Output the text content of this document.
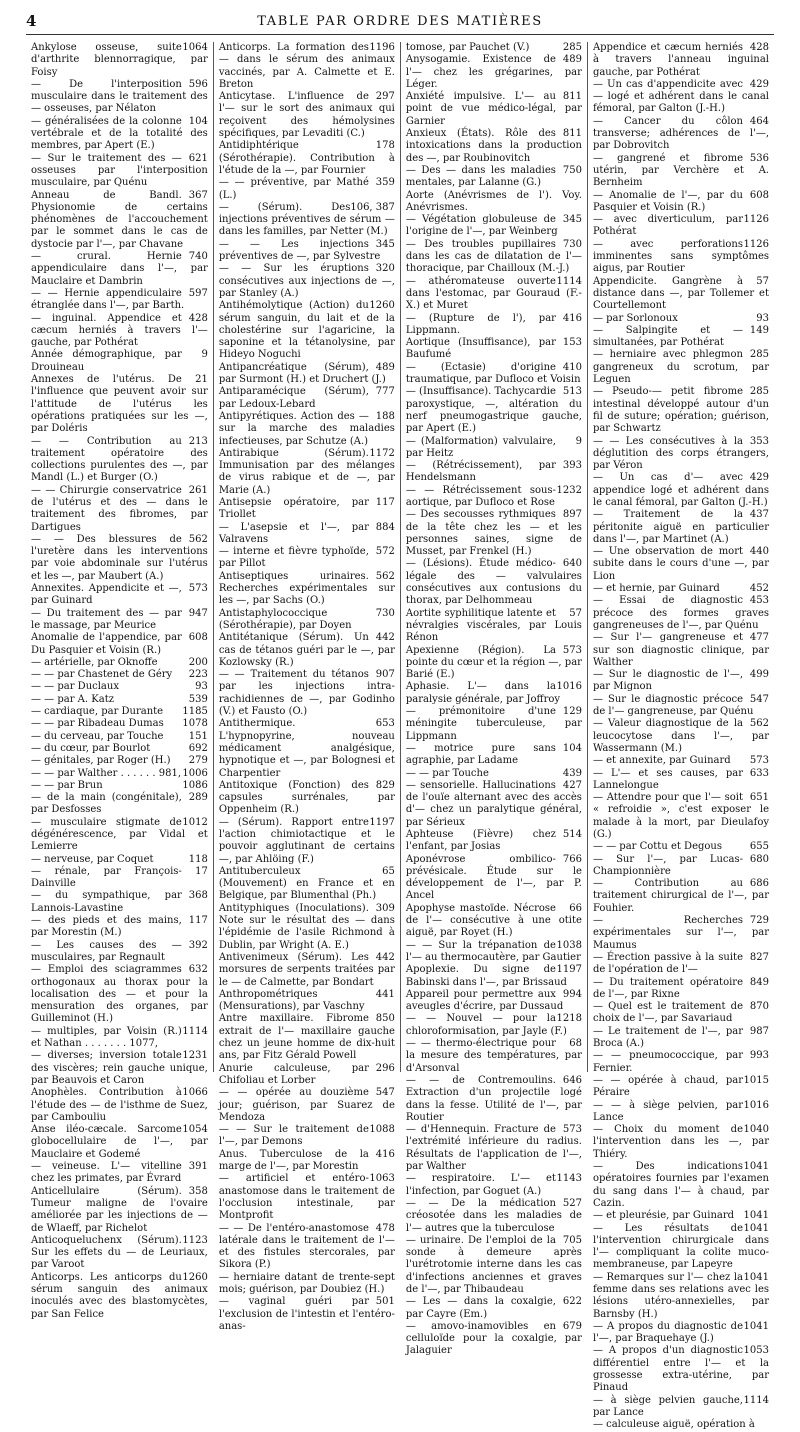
4	TABLE PAR ORDRE DES MATIÈRES
1064
Ankylose osseuse, suite d'arthrite blennorragique, par Foisy
596
— De l'interposition musculaire dans le traitement des — osseuses, par Nélaton
104
— généralisées de la colonne vertébrale et de la totalité des membres, par Apert (E.)
621
— Sur le traitement des — osseuses par l'interposition musculaire, par Quénu
367
Anneau de Bandl. Physionomie de certains phénomènes de l'accouchement par le sommet dans le cas de dystocie par l'—, par Chavane
740
— crural. Hernie appendiculaire dans l'—, par Mauclaire et Dambrin
597
— — Hernie appendiculaire étranglée dans l'—, par Barth.
428
— inguinal. Appendice et cæcum herniés à travers l'— gauche, par Pothérat
9
Année démographique, par Drouineau
21
Annexes de l'utérus. De l'influence que peuvent avoir sur l'attitude de l'utérus les opérations pratiquées sur les —, par Doléris
213
— — Contribution au traitement opératoire des collections purulentes des —, par Mandl (L.) et Burger (O.)
261
— — Chirurgie conservatrice de l'utérus et des — dans le traitement des fibromes, par Dartigues
562
— — Des blessures de l'uretère dans les interventions par voie abdominale sur l'utérus et les —, par Maubert (A.)
573
Annexites. Appendicite et —, par Guinard
947
— Du traitement des — par le massage, par Meurice
608
Anomalie de l'appendice, par Du Pasquier et Voisin (R.)
200
— artérielle, par Oknoffe
223
— — par Chastenet de Géry
93
— — par Duclaux
539
— — par A. Katz
1185
— cardiaque, par Durante
1078
— — par Ribadeau Dumas
151
— du cerveau, par Touche
692
— du cœur, par Bourlot
279
— génitales, par Roger (H.)
1006
— — par Walther . . . . . . 981,
1086
— — par Brun
289
— de la main (congénitale), par Desfosses
1012
— musculaire stigmate de dégénérescence, par Vidal et Lemierre
118
— nerveuse, par Coquet
17
— rénale, par François-Dainville
368
— du sympathique, par Lannois-Lavastine
117
— des pieds et des mains, par Morestin (M.)
392
— Les causes des — musculaires, par Regnault
632
— Emploi des sciagrammes orthogonaux au thorax pour la localisation des — et pour la mensuration des organes, par Guilleminot (H.)
1114
— multiples, par Voisin (R.) et Nathan . . . . . . . 1077,
1231
— diverses; inversion totale des viscères; rein gauche unique, par Beauvois et Caron
1066
Anophèles. Contribution à l'étude des — de l'isthme de Suez, par Cambouliu
1054
Anse iléo-cæcale. Sarcome globocellulaire de l'—, par Mauclaire et Godemé
391
— veineuse. L'— vitelline chez les primates, par Évrard
358
Anticellulaire (Sérum). Tumeur maligne de l'ovaire améliorée par les injections de — de Wlaeff, par Richelot
1123
Anticoqueluchenx (Sérum). Sur les effets du — de Leuriaux, par Varoot
1260
Anticorps. Les anticorps du sérum sanguin des animaux inoculés avec des blastomycètes, par San Felice
1196
Anticorps. La formation des — dans le sérum des animaux vaccinés, par A. Calmette et E. Breton
297
Anticytase. L'influence de l'— sur le sort des animaux qui reçoivent des hémolysines spécifiques, par Levaditi (C.)
178
Antidiphtérique (Sérothérapie). Contribution à l'étude de la —, par Fournier
359
— — préventive, par Mathé (L.)
106, 387
— (Sérum). Des injections préventives de sérum — dans les familles, par Netter (M.)
345
— — Les injections préventives de —, par Sylvestre
320
— — Sur les éruptions consécutives aux injections de —, par Stanley (A.)
1260
Antihémolytique (Action) du sérum sanguin, du lait et de la cholestérine sur l'agaricine, la saponine et la tétanolysine, par Hideyo Noguchi
489
Antipancréatique (Sérum), par Surmont (H.) et Druchert (J.)
777
Antiparamécique (Sérum), par Ledoux-Lebard
188
Antipyrétiques. Action des — sur la marche des maladies infectieuses, par Schutze (A.)
1172
Antirabique (Sérum). Immunisation par des mélanges de virus rabique et de —, par Marie (A.)
117
Antisepsie opératoire, par Triollet
884
— L'asepsie et l'—, par Valravens
572
— interne et fièvre typhoïde, par Pillot
562
Antiseptiques urinaires. Recherches expérimentales sur les —, par Sachs (O.)
730
Antistaphylococcique (Sérothérapie), par Doyen
442
Antitétanique (Sérum). Un cas de tétanos guéri par le —, par Kozlowsky (R.)
907
— — Traitement du tétanos par les injections intra-rachidiennes de —, par Godinho (V.) et Fausto (O.)
653
Antithermique. L'hypnopyrine, nouveau médicament analgésique, hypnotique et —, par Bolognesi et Charpentier
829
Antitoxique (Fonction) des capsules surrénales, par Oppenheim (R.)
1197
— (Sérum). Rapport entre l'action chimiotactique et le pouvoir agglutinant de certains —, par Ahlöing (F.)
65
Antituberculeux (Mouvement) en France et en Belgique, par Blumenthal (Ph.)
309
Antityphiques (Inoculations). Note sur le résultat des — dans l'épidémie de l'asile Richmond à Dublin, par Wright (A. E.)
442
Antivenimeux (Sérum). Les morsures de serpents traitées par le — de Calmette, par Bondart
441
Anthropométriques (Mensurations), par Vaschny
850
Antre maxillaire. Fibrome extrait de l'— maxillaire gauche chez un jeune homme de dix-huit ans, par Fitz Gérald Powell
296
Anurie calculeuse, par Chifoliau et Lorber
547
— — opérée au douzième jour; guérison, par Suarez de Mendoza
1088
— — Sur le traitement de l'—, par Demons
416
Anus. Tuberculose de la marge de l'—, par Morestin
1063
— artificiel et entéro-anastomose dans le traitement de l'occlusion intestinale, par Montprofit
478
— — De l'entéro-anastomose latérale dans le traitement de l'— et des fistules stercorales, par Sikora (P.)
— herniaire datant de trente-sept mois; guérison, par Doubiez (H.)
501
— vaginal guéri par l'exclusion de l'intestin et l'entéro-anas-
285
tomose, par Pauchet (V.)
489
Anysogamie. Existence de l'— chez les grégarines, par Léger.
811
Anxiété impulsive. L'— au point de vue médico-légal, par Garnier
811
Anxieux (États). Rôle des intoxications dans la production des —, par Roubinovitch
750
— Des — dans les maladies mentales, par Lalanne (G.)
Aorte (Anévrismes de l'). Voy. Anévrismes.
345
— Végétation globuleuse de l'origine de l'—, par Weinberg
730
— Des troubles pupillaires dans les cas de dilatation de l'— thoracique, par Chailloux (M.-J.)
1114
— athéromateuse ouverte dans l'estomac, par Gouraud (F.-X.) et Muret
416
— (Rupture de l'), par Lippmann.
153
Aortique (Insuffisance), par Baufumé
410
— (Ectasie) d'origine traumatique, par Dufloco et Voisin
513
— (Insuffisance). Tachycardie paroxystique, —, altération du nerf pneumogastrique gauche, par Apert (E.)
9
— (Malformation) valvulaire, par Heitz
393
— (Rétrécissement), par Hendelsmann
1232
— — Rétrécissement sous-aortique, par Dufloco et Rose
897
— Des secousses rythmiques de la tête chez les — et les personnes saines, signe de Musset, par Frenkel (H.)
640
— (Lésions). Étude médico-légale des — valvulaires consécutives aux contusions du thorax, par Delhommeau
57
Aortite syphilitique latente et névralgies viscérales, par Louis Rénon
573
Apexienne (Région). La pointe du cœur et la région —, par Barié (E.)
1016
Aphasie. L'— dans la paralysie générale, par Joffroy
129
— prémonitoire d'une méningite tuberculeuse, par Lippmann
104
— motrice pure sans agraphie, par Ladame
439
— — par Touche
427
— sensorielle. Hallucinations de l'ouïe alternant avec des accès d'— chez un paralytique général, par Sérieux
514
Aphteuse (Fièvre) chez l'enfant, par Josias
766
Aponévrose ombilico-prévésicale. Étude sur le développement de l'—, par P. Ancel
66
Apophyse mastoïde. Nécrose de l'— consécutive à une otite aiguë, par Royet (H.)
1038
— — Sur la trépanation de l'— au thermocautère, par Gautier
1197
Apoplexie. Du signe de Babinski dans l'—, par Brissaud
994
Appareil pour permettre aux aveugles d'écrire, par Dussaud
1218
— — Nouvel — pour la chloroformisation, par Jayle (F.)
68
— — thermo-électrique pour la mesure des températures, par d'Arsonval
646
— — de Contremoulins. Extraction d'un projectile logé dans la fesse. Utilité de l'—, par Routier
573
— d'Hennequin. Fracture de l'extrémité inférieure du radius. Résultats de l'application de l'—, par Walther
1143
— respiratoire. L'— et l'infection, par Goguet (A.)
527
— — De la médication créosotée dans les maladies de l'— autres que la tuberculose
705
— urinaire. De l'emploi de la sonde à demeure après l'urétrotomie interne dans les cas d'infections anciennes et graves de l'—, par Thibaudeau
622
— Les — dans la coxalgie, par Cayre (Em.)
679
— amovo-inamovibles en celluloïde pour la coxalgie, par Jalaguier
428
Appendice et cæcum herniés à travers l'anneau inguinal gauche, par Pothérat
429
— Un cas d'appendicite avec — logé et adhérent dans le canal fémoral, par Galton (J.-H.)
464
— Cancer du côlon transverse; adhérences de l'—, par Dobrovitch
536
— gangrené et fibrome utérin, par Verchère et A. Bernheim
608
— Anomalie de l'—, par du Pasquier et Voisin (R.)
1126
— avec diverticulum, par Pothérat
1126
— avec perforations imminentes sans symptômes aigus, par Routier
57
Appendicite. Gangrène à distance dans —, par Tollemer et Courtellemont
93
— par Sorlonoux
149
— Salpingite et — simultanées, par Pothérat
285
— herniaire avec phlegmon gangreneux du scrotum, par Leguen
285
— Pseudo-— petit fibrome intestinal développé autour d'un fil de suture; opération; guérison, par Schwartz
353
— — Les consécutives à la déglutition des corps étrangers, par Véron
429
— Un cas d'— avec appendice logé et adhérent dans le canal fémoral, par Galton (J.-H.)
437
— Traitement de la péritonite aiguë en particulier dans l'—, par Martinet (A.)
440
— Une observation de mort subite dans le cours d'une —, par Lion
452
— et hernie, par Guinard
453
— Essai de diagnostic précoce des formes graves gangreneuses de l'—, par Quénu
477
— Sur l'— gangreneuse et sur son diagnostic clinique, par Walther
499
— Sur le diagnostic de l'—, par Mignon
547
— Sur le diagnostic précoce de l'— gangreneuse, par Quénu
562
— Valeur diagnostique de la leucocytose dans l'—, par Wassermann (M.)
573
— et annexite, par Guinard
633
— L'— et ses causes, par Lannelongue
651
— Attendre pour que l'— soit « refroidie », c'est exposer le malade à la mort, par Dieulafoy (G.)
655
— — par Cottu et Degous
680
— Sur l'—, par Lucas-Championnière
686
— Contribution au traitement chirurgical de l'—, par Fouhier.
729
— Recherches expérimentales sur l'—, par Maumus
827
— Érection passive à la suite de l'opération de l'—
849
— Du traitement opératoire de l'—, par Rixne
870
— Quel est le traitement de choix de l'—, par Savariaud
987
— Le traitement de l'—, par Broca (A.)
993
— — pneumococcique, par Fernier.
1015
— — opérée à chaud, par Péraire
1016
— — à siège pelvien, par Lance
1040
— Choix du moment de l'intervention dans les —, par Thiéry.
1041
— Des indications opératoires fournies par l'examen du sang dans l'— à chaud, par Cazin.
1041
— et pleurésie, par Guinard
1041
— Les résultats de l'intervention chirurgicale dans l'— compliquant la colite muco-membraneuse, par Lapeyre
1041
— Remarques sur l'— chez la femme dans ses relations avec les lésions utéro-annexielles, par Barnsby (H.)
1041
— A propos du diagnostic de l'—, par Braquehaye (J.)
1053
— A propos d'un diagnostic différentiel entre l'— et la grossesse extra-utérine, par Pinaud
1114
— à siège pelvien gauche, par Lance
— calculeuse aiguë, opération à
